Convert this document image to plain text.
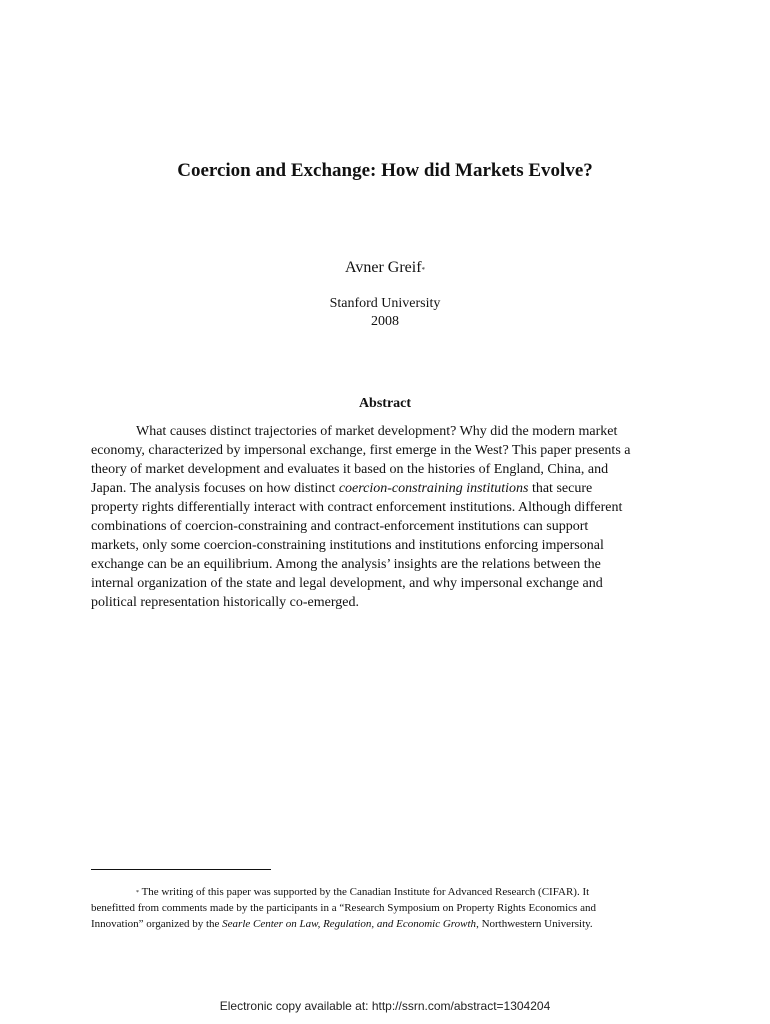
Coercion and Exchange: How did Markets Evolve?
Avner Greif*
Stanford University
2008
Abstract
What causes distinct trajectories of market development? Why did the modern market
economy, characterized by impersonal exchange, first emerge in the West? This paper presents a
theory of market development and evaluates it based on the histories of England, China, and
Japan. The analysis focuses on how distinct coercion-constraining institutions that secure
property rights differentially interact with contract enforcement institutions. Although different
combinations of coercion-constraining and contract-enforcement institutions can support
markets, only some coercion-constraining institutions and institutions enforcing impersonal
exchange can be an equilibrium. Among the analysis’ insights are the relations between the
internal organization of the state and legal development, and why impersonal exchange and
political representation historically co-emerged.
* The writing of this paper was supported by the Canadian Institute for Advanced Research (CIFAR). It
benefitted from comments made by the participants in a “Research Symposium on Property Rights Economics and
Innovation” organized by the Searle Center on Law, Regulation, and Economic Growth, Northwestern University.
Electronic copy available at: http://ssrn.com/abstract=1304204
